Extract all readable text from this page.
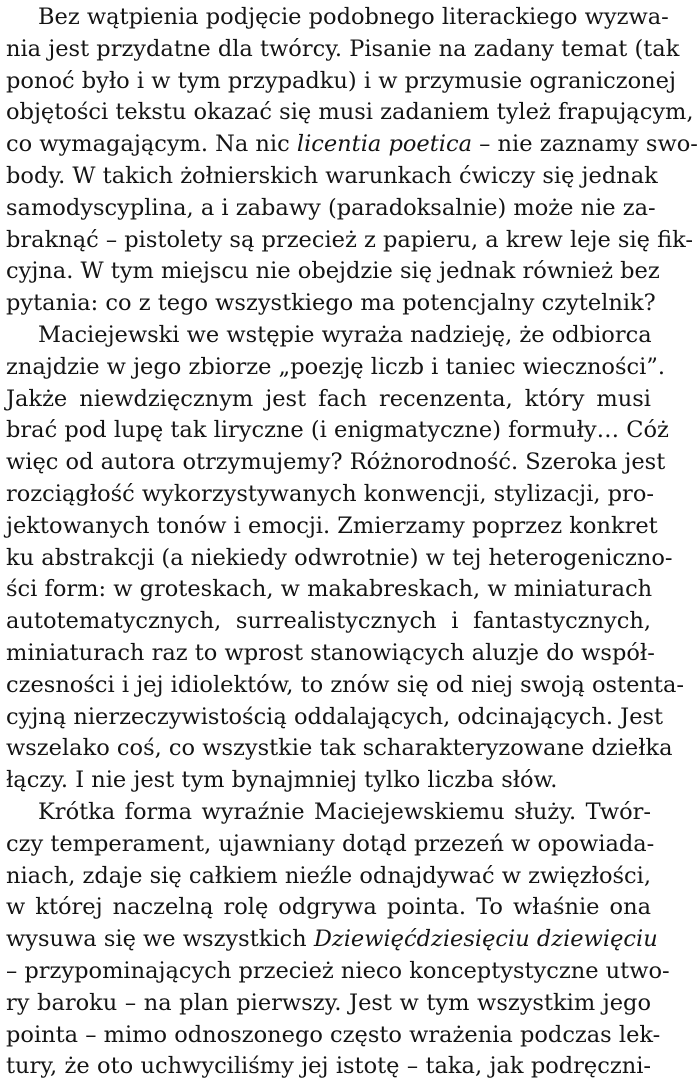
Bez wątpienia podjęcie podobnego literackiego wyzwa-
nia jest przydatne dla twórcy. Pisanie na zadany temat (tak
ponoć było i w tym przypadku) i w przymusie ograniczonej
objętości tekstu okazać się musi zadaniem tyleż frapującym,
co wymagającym. Na nic licentia poetica – nie zaznamy swo-
body. W takich żołnierskich warunkach ćwiczy się jednak
samodyscyplina, a i zabawy (paradoksalnie) może nie za-
braknąć – pistolety są przecież z papieru, a krew leje się fik-
cyjna. W tym miejscu nie obejdzie się jednak również bez
pytania: co z tego wszystkiego ma potencjalny czytelnik?
Maciejewski we wstępie wyraża nadzieję, że odbiorca
znajdzie w jego zbiorze „poezję liczb i taniec wieczności”.
Jakże niewdzięcznym jest fach recenzenta, który musi
brać pod lupę tak liryczne (i enigmatyczne) formuły… Cóż
więc od autora otrzymujemy? Różnorodność. Szeroka jest
rozciągłość wykorzystywanych konwencji, stylizacji, pro-
jektowanych tonów i emocji. Zmierzamy poprzez konkret
ku abstrakcji (a niekiedy odwrotnie) w tej heterogeniczno-
ści form: w groteskach, w makabreskach, w miniaturach
autotematycznych, surrealistycznych i fantastycznych,
miniaturach raz to wprost stanowiących aluzje do współ-
czesności i jej idiolektów, to znów się od niej swoją ostenta-
cyjną nierzeczywistością oddalających, odcinających. Jest
wszelako coś, co wszystkie tak scharakteryzowane dziełka
łączy. I nie jest tym bynajmniej tylko liczba słów.
Krótka forma wyraźnie Maciejewskiemu służy. Twór-
czy temperament, ujawniany dotąd przezeń w opowiada-
niach, zdaje się całkiem nieźle odnajdywać w zwięzłości,
w której naczelną rolę odgrywa pointa. To właśnie ona
wysuwa się we wszystkich Dziewięćdziesięciu dziewięciu
– przypominających przecież nieco konceptystyczne utwo-
ry baroku – na plan pierwszy. Jest w tym wszystkim jego
pointa – mimo odnoszonego często wrażenia podczas lek-
tury, że oto uchwyciliśmy jej istotę – taka, jak podręczni-
